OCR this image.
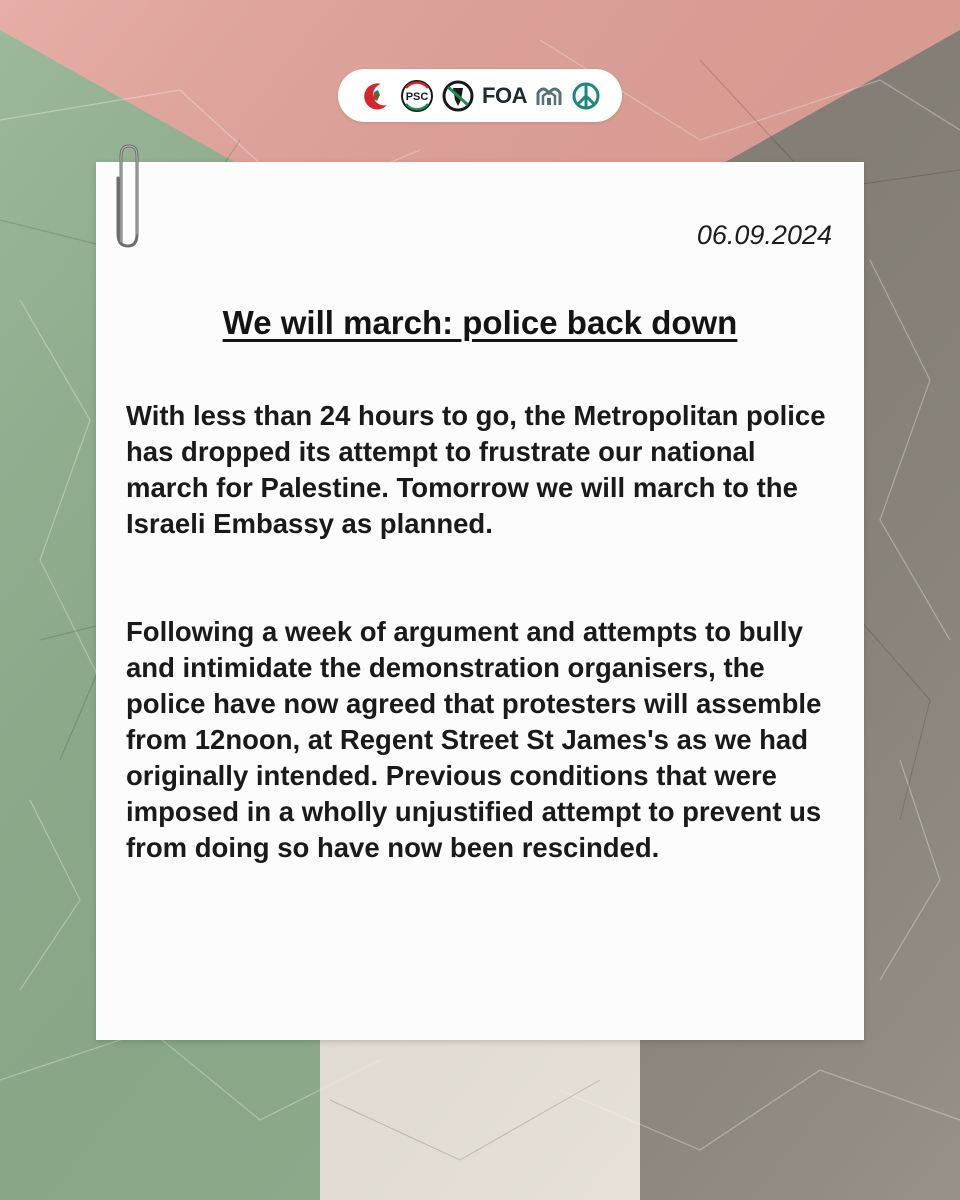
PSC FOA

06.09.2024

We will march: police back down

With less than 24 hours to go, the Metropolitan police has dropped its attempt to frustrate our national march for Palestine. Tomorrow we will march to the Israeli Embassy as planned.

Following a week of argument and attempts to bully and intimidate the demonstration organisers, the police have now agreed that protesters will assemble from 12noon, at Regent Street St James's as we had originally intended. Previous conditions that were imposed in a wholly unjustified attempt to prevent us from doing so have now been rescinded.
